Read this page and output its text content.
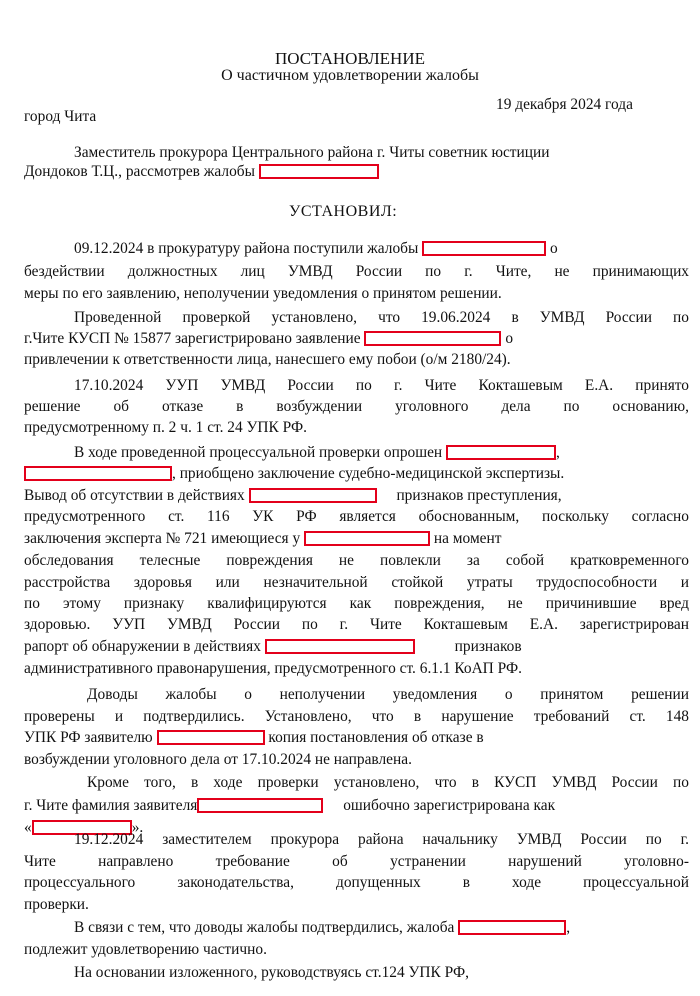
ПОСТАНОВЛЕНИЕ
О частичном удовлетворении жалобы
город Чита
19 декабря 2024 года
Заместитель прокурора Центрального района г. Читы советник юстиции
Дондоков Т.Ц., рассмотрев жалобы
УСТАНОВИЛ:
09.12.2024 в прокуратуру района поступили жалобы	о
бездействии должностных лиц УМВД России по г. Чите, не принимающих
меры по его заявлению, неполучении уведомления о принятом решении.
Проведенной проверкой установлено, что 19.06.2024 в УМВД России по
г.Чите КУСП № 15877 зарегистрировано заявление	о
привлечении к ответственности лица, нанесшего ему побои (о/м 2180/24).
17.10.2024 УУП УМВД России по г. Чите Кокташевым Е.А. принято
решение об отказе в возбуждении уголовного дела по основанию,
предусмотренному п. 2 ч. 1 ст. 24 УПК РФ.
В ходе проведенной процессуальной проверки опрошен	,
, приобщено заключение судебно-медицинской экспертизы.
Вывод об отсутствии в действиях	признаков преступления,
предусмотренного ст. 116 УК РФ является обоснованным, поскольку согласно
заключения эксперта № 721 имеющиеся у	на момент
обследования телесные повреждения не повлекли за собой кратковременного
расстройства здоровья или незначительной стойкой утраты трудоспособности и
по этому признаку квалифицируются как повреждения, не причинившие вред
здоровью. УУП УМВД России по г. Чите Кокташевым Е.А. зарегистрирован
рапорт об обнаружении в действиях	признаков
административного правонарушения, предусмотренного ст. 6.1.1 КоАП РФ.
Доводы жалобы о неполучении уведомления о принятом решении
проверены и подтвердились. Установлено, что в нарушение требований ст. 148
УПК РФ заявителю	копия постановления об отказе в
возбуждении уголовного дела от 17.10.2024 не направлена.
Кроме того, в ходе проверки установлено, что в КУСП УМВД России по
г. Чите фамилия заявителя	ошибочно зарегистрирована как
«	».
19.12.2024 заместителем прокурора района начальнику УМВД России по г.
Чите направлено требование об устранении нарушений уголовно-
процессуального законодательства, допущенных в ходе процессуальной
проверки.
В связи с тем, что доводы жалобы подтвердились, жалоба	,
подлежит удовлетворению частично.
На основании изложенного, руководствуясь ст.124 УПК РФ,
